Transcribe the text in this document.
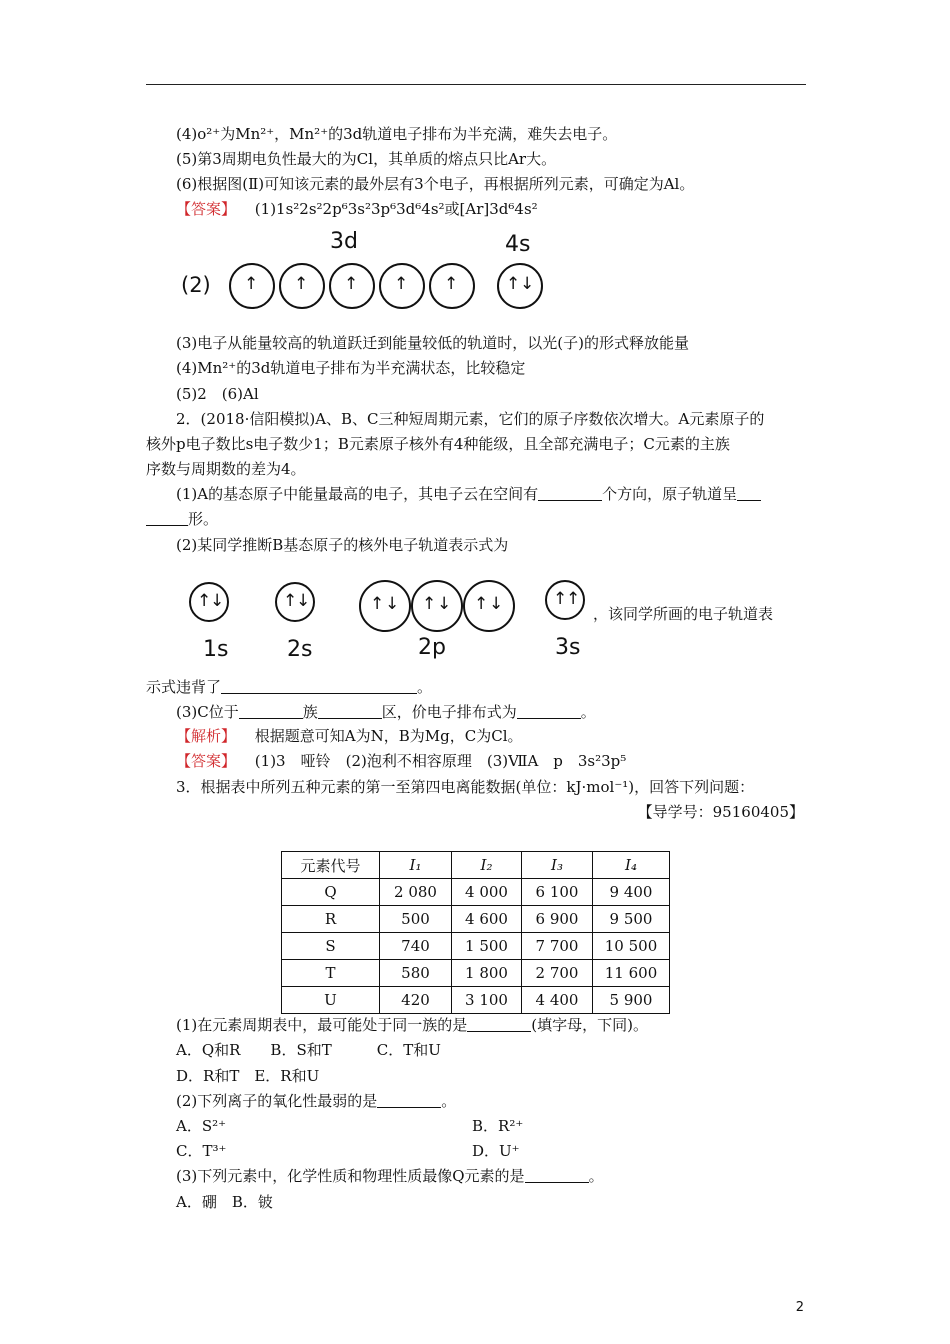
(4)o²⁺为Mn²⁺，Mn²⁺的3d轨道电子排布为半充满，难失去电子。
(5)第3周期电负性最大的为Cl，其单质的熔点只比Ar大。
(6)根据图(Ⅱ)可知该元素的最外层有3个电子，再根据所列元素，可确定为Al。
【答案】 (1)1s²2s²2p⁶3s²3p⁶3d⁶4s²或[Ar]3d⁶4s²
3d	4s
(2) ↑ ↑ ↑ ↑ ↑	↑ ↓
(3)电子从能量较高的轨道跃迁到能量较低的轨道时，以光(子)的形式释放能量
(4)Mn²⁺的3d轨道电子排布为半充满状态，比较稳定
(5)2　(6)Al
2．(2018·信阳模拟)A、B、C三种短周期元素，它们的原子序数依次增大。A元素原子的
核外p电子数比s电子数少1；B元素原子核外有4种能级，且全部充满电子；C元素的主族
序数与周期数的差为4。
(1)A的基态原子中能量最高的电子，其电子云在空间有	个方向，原子轨道呈
形。
(2)某同学推断B基态原子的核外电子轨道表示式为
↑
↓	↑
↓	↑ ↓ ↑ ↓ ↑ ↓	↑
↑
1s	2s	2p	3s
，该同学所画的电子轨道表
示式违背了	。
(3)C位于	族	区，价电子排布式为	。
【解析】 根据题意可知A为N，B为Mg，C为Cl。
【答案】 (1)3　哑铃　(2)泡利不相容原理　(3)ⅦA　p　3s²3p⁵
3．根据表中所列五种元素的第一至第四电离能数据(单位：kJ·mol⁻¹)，回答下列问题：
【导学号：95160405】
元素代号	I₁	I₂	I₃	I₄
Q	2 080	4 000	6 100	9 400
R	500	4 600	6 900	9 500
S	740	1 500	7 700	10 500
T	580	1 800	2 700	11 600
U	420	3 100	4 400	5 900
(1)在元素周期表中，最可能处于同一族的是	(填字母，下同)。
A．Q和R　　B．S和T　　　C．T和U
D．R和T　E．R和U
(2)下列离子的氧化性最弱的是	。
A．S²⁺	B．R²⁺
C．T³⁺	D．U⁺
(3)下列元素中，化学性质和物理性质最像Q元素的是	。
A．硼　B．铍
2
